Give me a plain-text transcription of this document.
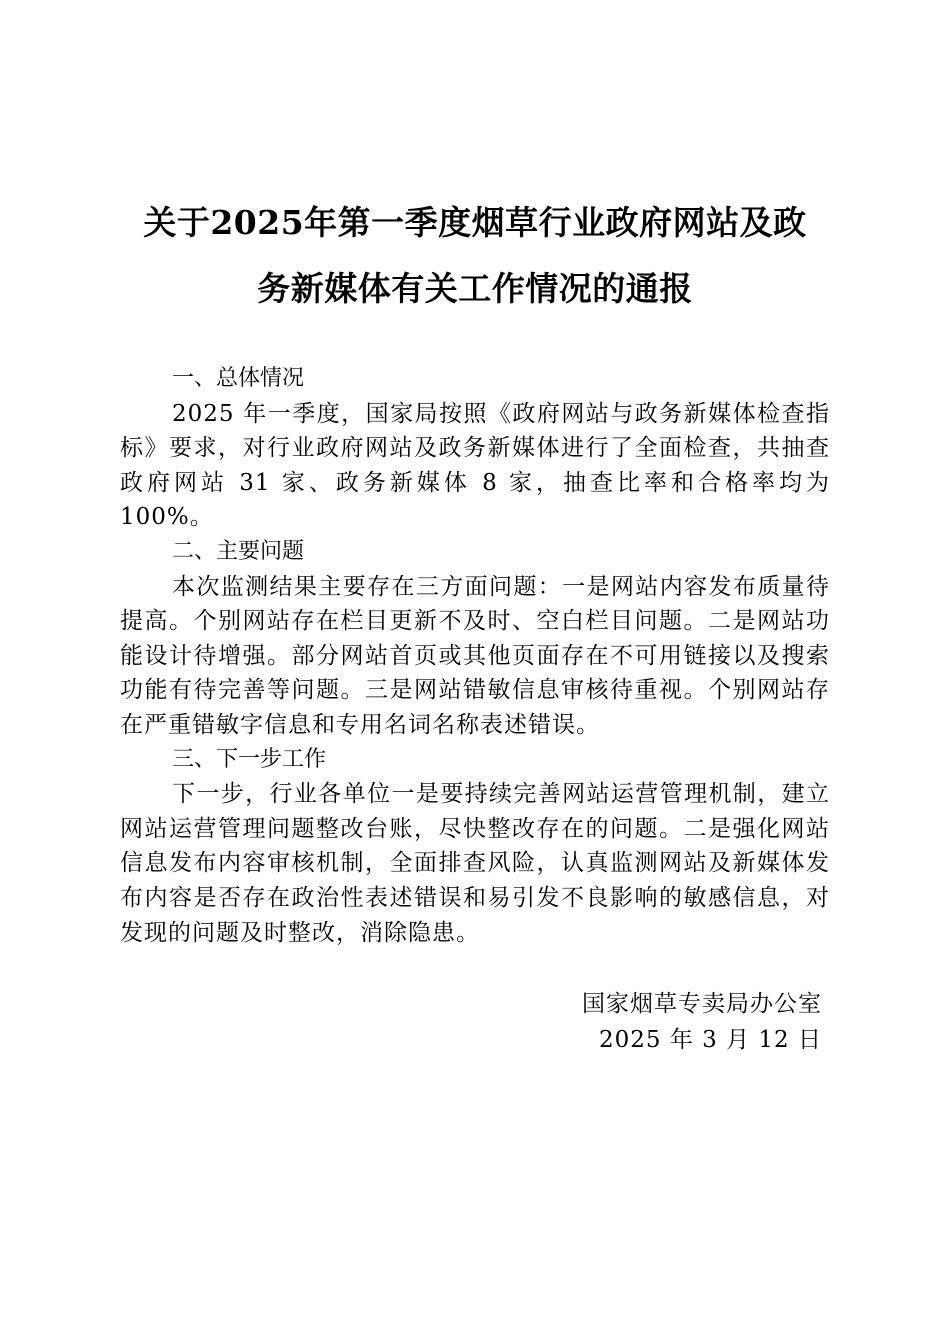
关于2025年第一季度烟草行业政府网站及政
务新媒体有关工作情况的通报

一、总体情况

2025 年一季度，国家局按照《政府网站与政务新媒体检查指标》要求，对行业政府网站及政务新媒体进行了全面检查，共抽查政府网站 31 家、政务新媒体 8 家，抽查比率和合格率均为 100%。

二、主要问题

本次监测结果主要存在三方面问题：一是网站内容发布质量待提高。个别网站存在栏目更新不及时、空白栏目问题。二是网站功能设计待增强。部分网站首页或其他页面存在不可用链接以及搜索功能有待完善等问题。三是网站错敏信息审核待重视。个别网站存在严重错敏字信息和专用名词名称表述错误。

三、下一步工作

下一步，行业各单位一是要持续完善网站运营管理机制，建立网站运营管理问题整改台账，尽快整改存在的问题。二是强化网站信息发布内容审核机制，全面排查风险，认真监测网站及新媒体发布内容是否存在政治性表述错误和易引发不良影响的敏感信息，对发现的问题及时整改，消除隐患。

国家烟草专卖局办公室
2025 年 3 月 12 日
